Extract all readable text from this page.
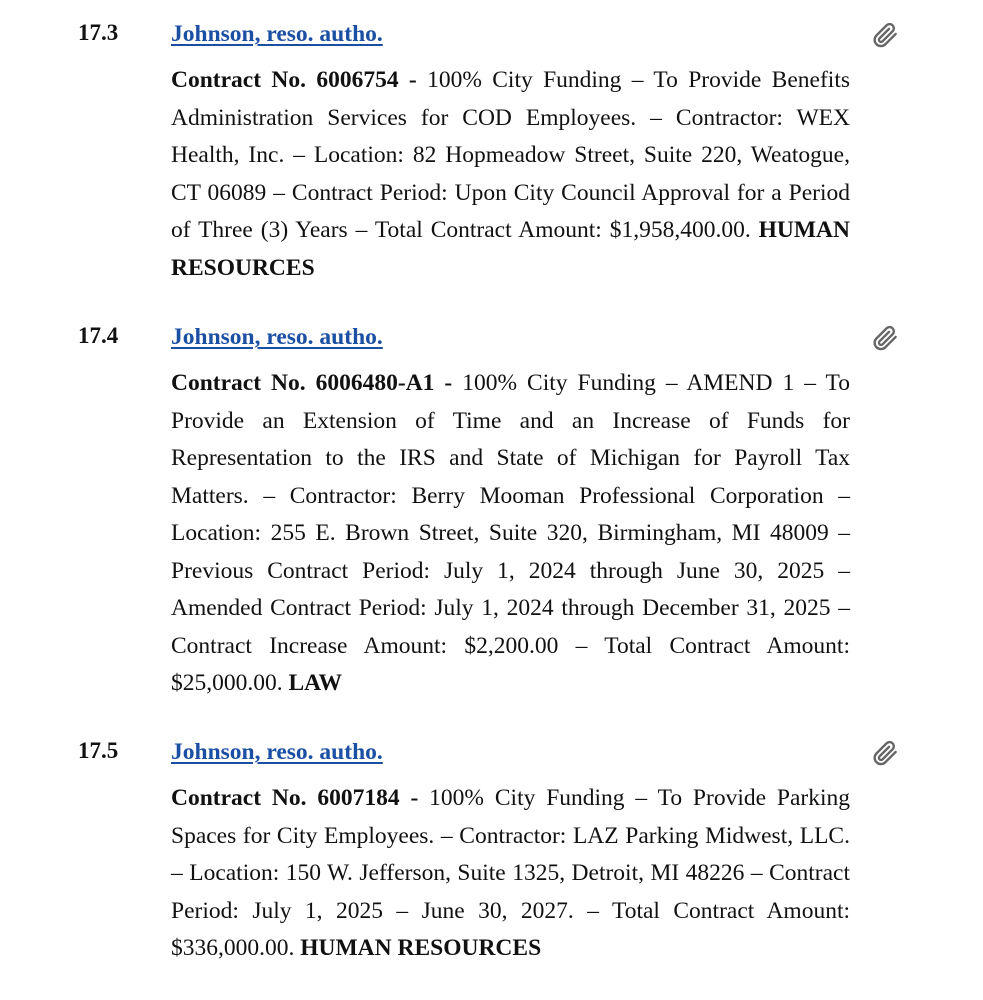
17.3 Johnson, reso. autho.

Contract No. 6006754 - 100% City Funding – To Provide Benefits Administration Services for COD Employees. – Contractor: WEX Health, Inc. – Location: 82 Hopmeadow Street, Suite 220, Weatogue, CT 06089 – Contract Period: Upon City Council Approval for a Period of Three (3) Years – Total Contract Amount: $1,958,400.00. HUMAN RESOURCES

17.4 Johnson, reso. autho.

Contract No. 6006480-A1 - 100% City Funding – AMEND 1 – To Provide an Extension of Time and an Increase of Funds for Representation to the IRS and State of Michigan for Payroll Tax Matters. – Contractor: Berry Mooman Professional Corporation – Location: 255 E. Brown Street, Suite 320, Birmingham, MI 48009 – Previous Contract Period: July 1, 2024 through June 30, 2025 – Amended Contract Period: July 1, 2024 through December 31, 2025 – Contract Increase Amount: $2,200.00 – Total Contract Amount: $25,000.00. LAW

17.5 Johnson, reso. autho.

Contract No. 6007184 - 100% City Funding – To Provide Parking Spaces for City Employees. – Contractor: LAZ Parking Midwest, LLC. – Location: 150 W. Jefferson, Suite 1325, Detroit, MI 48226 – Contract Period: July 1, 2025 – June 30, 2027. – Total Contract Amount: $336,000.00. HUMAN RESOURCES
